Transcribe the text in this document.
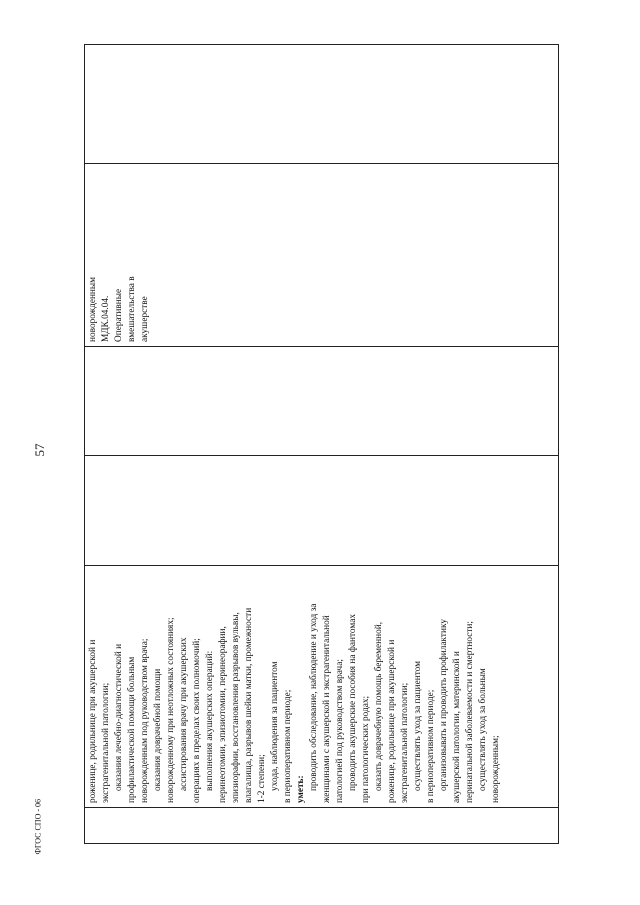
57

роженице, родильнице при акушерской и экстрагенитальной патологии; оказания лечебно-диагностической и профилактической помощи больным новорожденным под руководством врача; оказания доврачебной помощи новорожденному при неотложных состояниях; ассистирования врачу при акушерских операциях в пределах своих полномочий; выполнения акушерских операций: перинеотомии, эпизиотомии, перинеорафии, эпизиорафии, восстановления разрывов вульвы, влагалища, разрывов шейки матки, промежности 1-2 степени; ухода, наблюдения за пациентом в периоперативном периоде; уметь: проводить обследование, наблюдение и уход за женщинами с акушерской и экстрагенитальной патологией под руководством врача; проводить акушерские пособия на фантомах при патологических родах; оказать доврачебную помощь беременной, роженице, родильнице при акушерской и экстрагенитальной патологии; осуществлять уход за пациентом в периоперативном периоде; организовывать и проводить профилактику акушерской патологии, материнской и перинатальной заболеваемости и смертности; осуществлять уход за больным новорожденным;

новорожденным МДК.04.04. Оперативные вмешательства в акушерстве

ФГОС СПО - 06
